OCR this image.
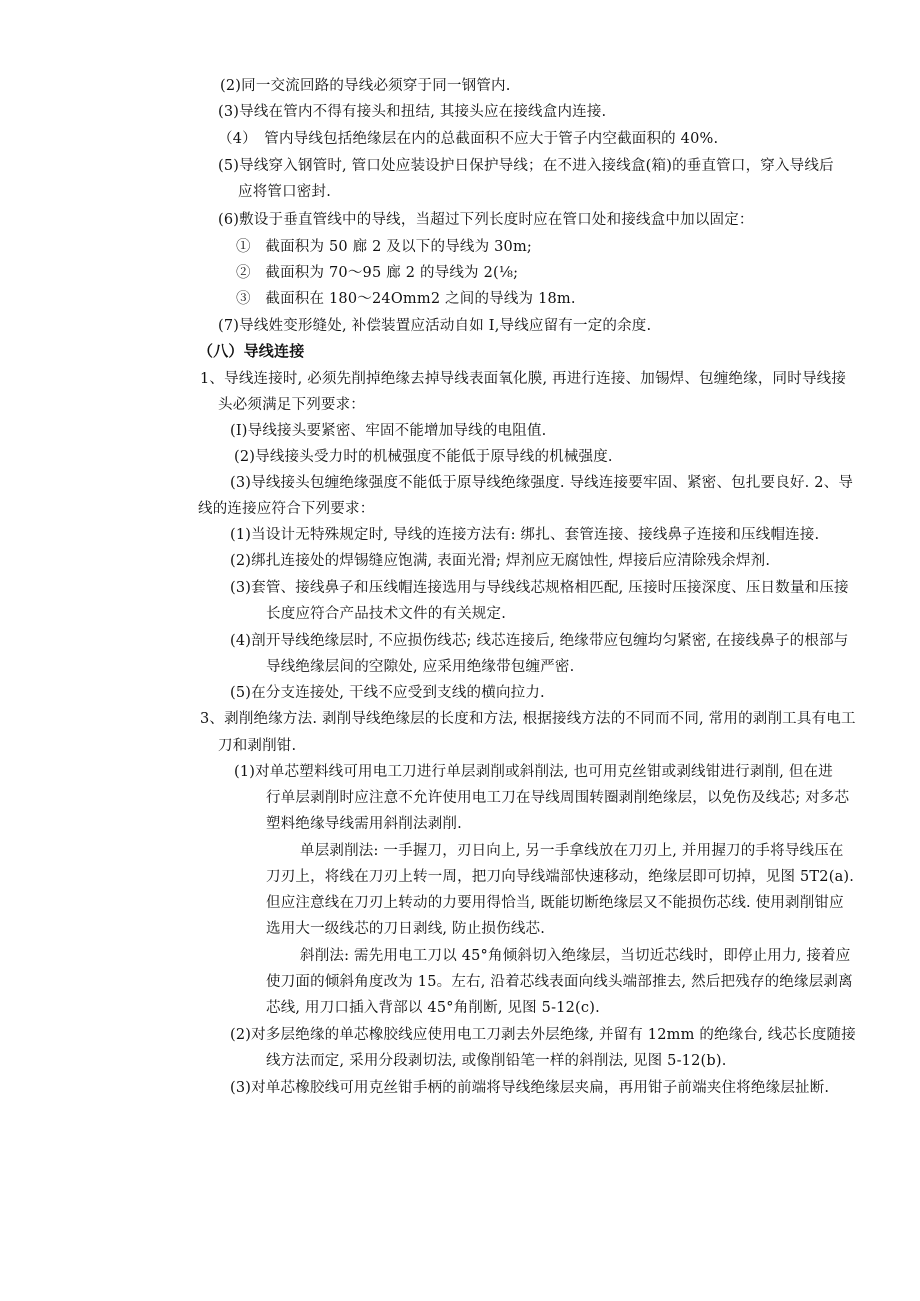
(2)同一交流回路的导线必须穿于同一钢管内.
(3)导线在管内不得有接头和扭结, 其接头应在接线盒内连接.
（4）　管内导线包括绝缘层在内的总截面积不应大于管子内空截面积的 40%.
(5)导线穿入钢管时, 管口处应装设护日保护导线；在不进入接线盒(箱)的垂直管口，穿入导线后
应将管口密封.
(6)敷设于垂直管线中的导线，当超过下列长度时应在管口处和接线盒中加以固定：
①　截面积为 50 廊 2 及以下的导线为 30m;
②　截面积为 70～95 廊 2 的导线为 2(⅛;
③　截面积在 180～24Omm2 之间的导线为 18m.
(7)导线姓变形缝处, 补偿装置应活动自如 I,导线应留有一定的余度.
（八）导线连接
1、导线连接时, 必须先削掉绝缘去掉导线表面氧化膜, 再进行连接、加锡焊、包缠绝缘，同时导线接
头必须满足下列要求：
(I)导线接头要紧密、牢固不能增加导线的电阻值.
(2)导线接头受力时的机械强度不能低于原导线的机械强度.
(3)导线接头包缠绝缘强度不能低于原导线绝缘强度. 导线连接要牢固、紧密、包扎要良好. 2、导
线的连接应符合下列要求：
(1)当设计无特殊规定时, 导线的连接方法有: 绑扎、套管连接、接线鼻子连接和压线帽连接.
(2)绑扎连接处的焊锡缝应饱满, 表面光滑; 焊剂应无腐蚀性, 焊接后应清除残余焊剂.
(3)套管、接线鼻子和压线帽连接选用与导线线芯规格相匹配, 压接时压接深度、压日数量和压接
长度应符合产品技术文件的有关规定.
(4)剖开导线绝缘层时, 不应损伤线芯; 线芯连接后, 绝缘带应包缠均匀紧密, 在接线鼻子的根部与
导线绝缘层间的空隙处, 应采用绝缘带包缠严密.
(5)在分支连接处, 干线不应受到支线的横向拉力.
3、剥削绝缘方法. 剥削导线绝缘层的长度和方法, 根据接线方法的不同而不同, 常用的剥削工具有电工
刀和剥削钳.
(1)对单芯塑料线可用电工刀进行单层剥削或斜削法, 也可用克丝钳或剥线钳进行剥削, 但在进
行单层剥削时应注意不允许使用电工刀在导线周围转圈剥削绝缘层，以免伤及线芯; 对多芯
塑料绝缘导线需用斜削法剥削.
单层剥削法: 一手握刀，刃日向上, 另一手拿线放在刀刃上, 并用握刀的手将导线压在
刀刃上，将线在刀刃上转一周，把刀向导线端部快速移动，绝缘层即可切掉，见图 5T2(a).
但应注意线在刀刃上转动的力要用得恰当, 既能切断绝缘层又不能损伤芯线. 使用剥削钳应
选用大一级线芯的刀日剥线, 防止损伤线芯.
斜削法: 需先用电工刀以 45°角倾斜切入绝缘层，当切近芯线时，即停止用力, 接着应
使刀面的倾斜角度改为 15。左右, 沿着芯线表面向线头端部推去, 然后把残存的绝缘层剥离
芯线, 用刀口插入背部以 45°角削断, 见图 5-12(c).
(2)对多层绝缘的单芯橡胶线应使用电工刀剥去外层绝缘, 并留有 12mm 的绝缘台, 线芯长度随接
线方法而定, 采用分段剥切法, 或像削铅笔一样的斜削法, 见图 5-12(b).
(3)对单芯橡胶线可用克丝钳手柄的前端将导线绝缘层夹扁，再用钳子前端夹住将绝缘层扯断.
